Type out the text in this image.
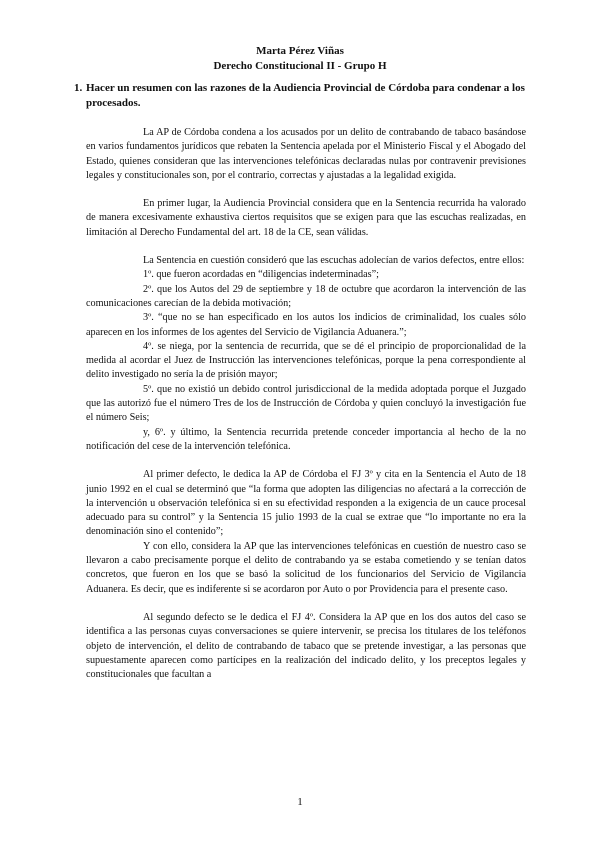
Marta Pérez Viñas
Derecho Constitucional II - Grupo H
1. Hacer un resumen con las razones de la Audiencia Provincial de Córdoba para condenar a los procesados.

La AP de Córdoba condena a los acusados por un delito de contrabando de tabaco basándose en varios fundamentos jurídicos que rebaten la Sentencia apelada por el Ministerio Fiscal y el Abogado del Estado, quienes consideran que las intervenciones telefónicas declaradas nulas por contravenir previsiones legales y constitucionales son, por el contrario, correctas y ajustadas a la legalidad exigida.

En primer lugar, la Audiencia Provincial considera que en la Sentencia recurrida ha valorado de manera excesivamente exhaustiva ciertos requisitos que se exigen para que las escuchas realizadas, en limitación al Derecho Fundamental del art. 18 de la CE, sean válidas.

La Sentencia en cuestión consideró que las escuchas adolecían de varios defectos, entre ellos:

1º. que fueron acordadas en “diligencias indeterminadas”;

2º. que los Autos del 29 de septiembre y 18 de octubre que acordaron la intervención de las comunicaciones carecían de la debida motivación;

3º. “que no se han especificado en los autos los indicios de criminalidad, los cuales sólo aparecen en los informes de los agentes del Servicio de Vigilancia Aduanera.”;

4º. se niega, por la sentencia de recurrida, que se dé el principio de proporcionalidad de la medida al acordar el Juez de Instrucción las intervenciones telefónicas, porque la pena correspondiente al delito investigado no sería la de prisión mayor;

5º. que no existió un debido control jurisdiccional de la medida adoptada porque el Juzgado que las autorizó fue el número Tres de los de Instrucción de Córdoba y quien concluyó la investigación fue el número Seis;

y, 6º. y último, la Sentencia recurrida pretende conceder importancia al hecho de la no notificación del cese de la intervención telefónica.

Al primer defecto, le dedica la AP de Córdoba el FJ 3º y cita en la Sentencia el Auto de 18 junio 1992 en el cual se determinó que “la forma que adopten las diligencias no afectará a la corrección de la intervención u observación telefónica si en su efectividad responden a la exigencia de un cauce procesal adecuado para su control” y la Sentencia 15 julio 1993 de la cual se extrae que “lo importante no era la denominación sino el contenido”;

Y con ello, considera la AP que las intervenciones telefónicas en cuestión de nuestro caso se llevaron a cabo precisamente porque el delito de contrabando ya se estaba cometiendo y se tenían datos concretos, que fueron en los que se basó la solicitud de los funcionarios del Servicio de Vigilancia Aduanera. Es decir, que es indiferente si se acordaron por Auto o por Providencia para el presente caso.

Al segundo defecto se le dedica el FJ 4º. Considera la AP que en los dos autos del caso se identifica a las personas cuyas conversaciones se quiere intervenir, se precisa los titulares de los teléfonos objeto de intervención, el delito de contrabando de tabaco que se pretende investigar, a las personas que supuestamente aparecen como partícipes en la realización del indicado delito, y los preceptos legales y constitucionales que facultan a

1
